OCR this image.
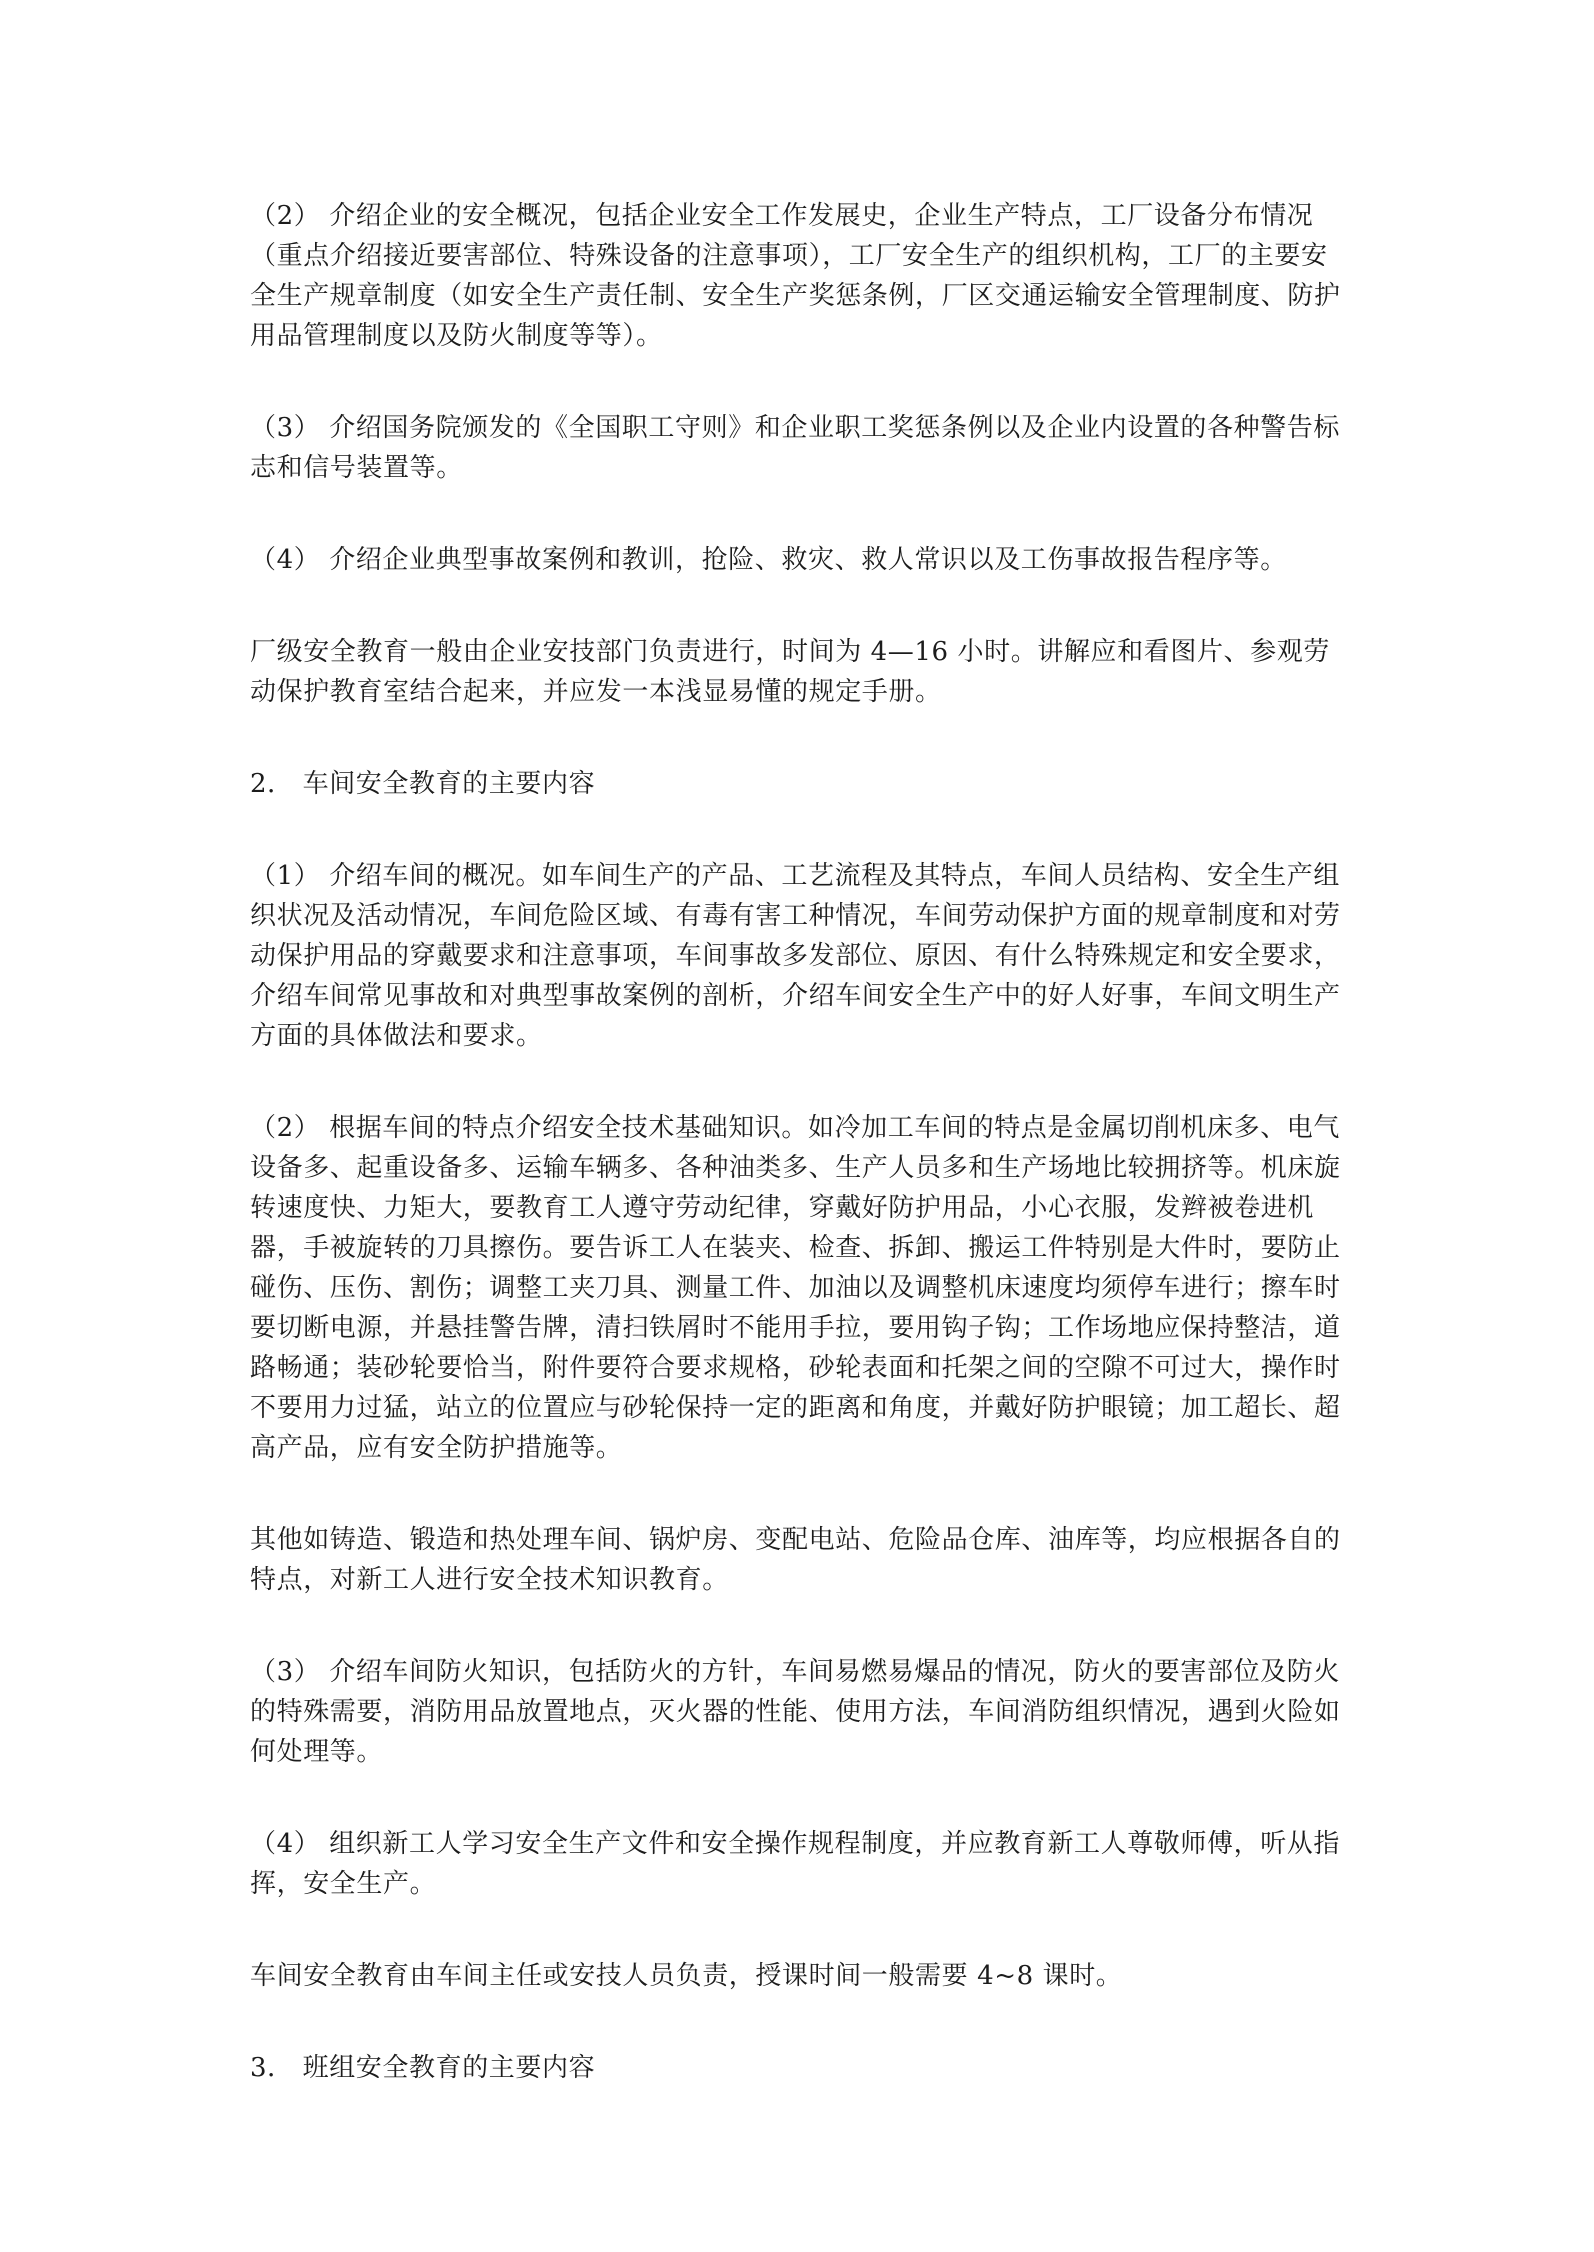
（2） 介绍企业的安全概况，包括企业安全工作发展史，企业生产特点，工厂设备分布情况（重点介绍接近要害部位、特殊设备的注意事项），工厂安全生产的组织机构，工厂的主要安全生产规章制度（如安全生产责任制、安全生产奖惩条例，厂区交通运输安全管理制度、防护用品管理制度以及防火制度等等）。

（3） 介绍国务院颁发的《全国职工守则》和企业职工奖惩条例以及企业内设置的各种警告标志和信号装置等。

（4） 介绍企业典型事故案例和教训，抢险、救灾、救人常识以及工伤事故报告程序等。

厂级安全教育一般由企业安技部门负责进行，时间为 4—16 小时。讲解应和看图片、参观劳动保护教育室结合起来，并应发一本浅显易懂的规定手册。

2． 车间安全教育的主要内容

（1） 介绍车间的概况。如车间生产的产品、工艺流程及其特点，车间人员结构、安全生产组织状况及活动情况，车间危险区域、有毒有害工种情况，车间劳动保护方面的规章制度和对劳动保护用品的穿戴要求和注意事项，车间事故多发部位、原因、有什么特殊规定和安全要求，介绍车间常见事故和对典型事故案例的剖析，介绍车间安全生产中的好人好事，车间文明生产方面的具体做法和要求。

（2） 根据车间的特点介绍安全技术基础知识。如冷加工车间的特点是金属切削机床多、电气设备多、起重设备多、运输车辆多、各种油类多、生产人员多和生产场地比较拥挤等。机床旋转速度快、力矩大，要教育工人遵守劳动纪律，穿戴好防护用品，小心衣服，发辫被卷进机器，手被旋转的刀具擦伤。要告诉工人在装夹、检查、拆卸、搬运工件特别是大件时，要防止碰伤、压伤、割伤；调整工夹刀具、测量工件、加油以及调整机床速度均须停车进行；擦车时要切断电源，并悬挂警告牌，清扫铁屑时不能用手拉，要用钩子钩；工作场地应保持整洁，道路畅通；装砂轮要恰当，附件要符合要求规格，砂轮表面和托架之间的空隙不可过大，操作时不要用力过猛，站立的位置应与砂轮保持一定的距离和角度，并戴好防护眼镜；加工超长、超高产品，应有安全防护措施等。

其他如铸造、锻造和热处理车间、锅炉房、变配电站、危险品仓库、油库等，均应根据各自的特点，对新工人进行安全技术知识教育。

（3） 介绍车间防火知识，包括防火的方针，车间易燃易爆品的情况，防火的要害部位及防火的特殊需要，消防用品放置地点，灭火器的性能、使用方法，车间消防组织情况，遇到火险如何处理等。

（4） 组织新工人学习安全生产文件和安全操作规程制度，并应教育新工人尊敬师傅，听从指挥，安全生产。

车间安全教育由车间主任或安技人员负责，授课时间一般需要 4~8 课时。

3． 班组安全教育的主要内容
